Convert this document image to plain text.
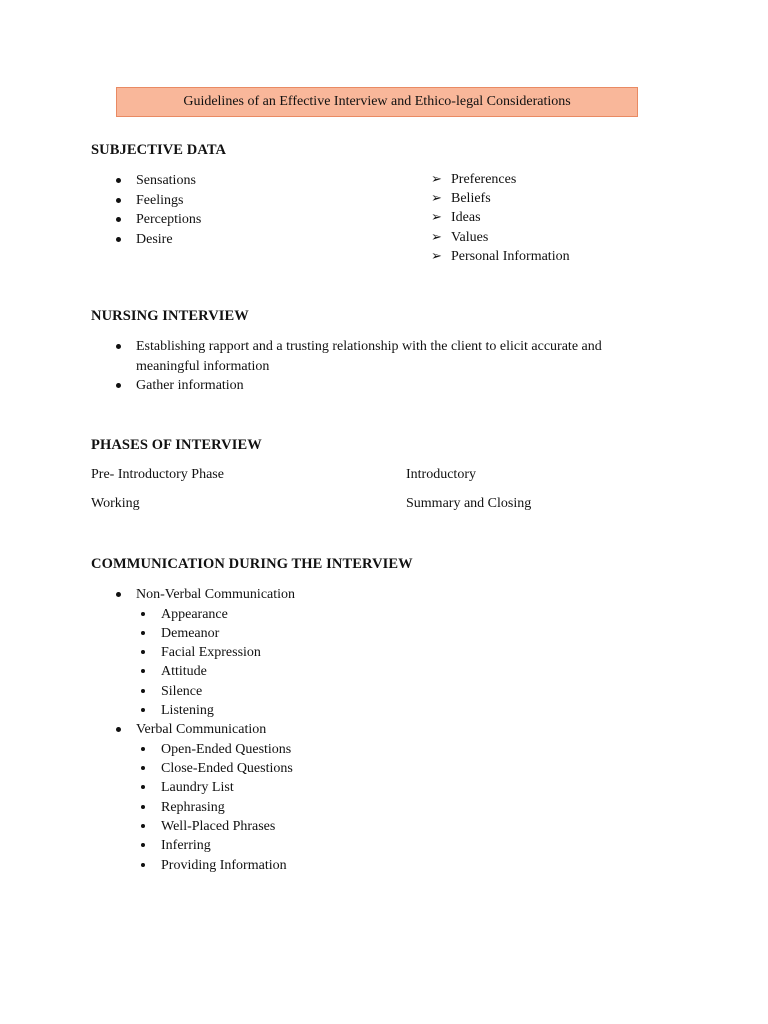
Guidelines of an Effective Interview and Ethico-legal Considerations
SUBJECTIVE DATA
Sensations
Feelings
Perceptions
Desire
➢ Preferences
➢ Beliefs
➢ Ideas
➢ Values
➢ Personal Information
NURSING INTERVIEW
Establishing rapport and a trusting relationship with the client to elicit accurate and meaningful information
Gather information
PHASES OF INTERVIEW
Pre- Introductory Phase	Introductory
Working	Summary and Closing
COMMUNICATION DURING THE INTERVIEW
Non-Verbal Communication
Appearance
Demeanor
Facial Expression
Attitude
Silence
Listening
Verbal Communication
Open-Ended Questions
Close-Ended Questions
Laundry List
Rephrasing
Well-Placed Phrases
Inferring
Providing Information
